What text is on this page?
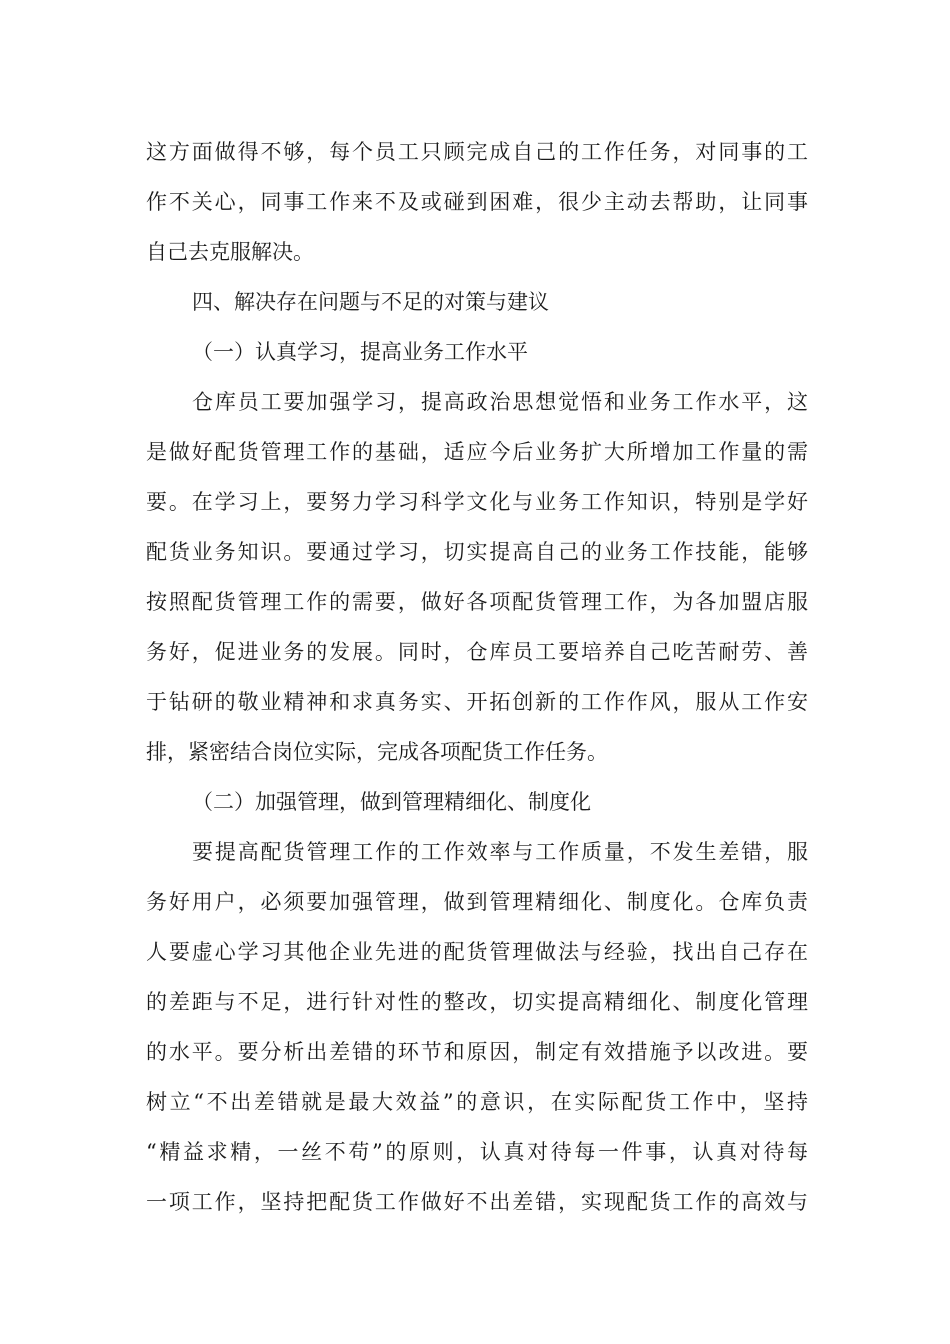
这方面做得不够，每个员工只顾完成自己的工作任务，对同事的工
作不关心，同事工作来不及或碰到困难，很少主动去帮助，让同事
自己去克服解决。
四、解决存在问题与不足的对策与建议
（一）认真学习，提高业务工作水平
仓库员工要加强学习，提高政治思想觉悟和业务工作水平，这
是做好配货管理工作的基础，适应今后业务扩大所增加工作量的需
要。在学习上，要努力学习科学文化与业务工作知识，特别是学好
配货业务知识。要通过学习，切实提高自己的业务工作技能，能够
按照配货管理工作的需要，做好各项配货管理工作，为各加盟店服
务好，促进业务的发展。同时，仓库员工要培养自己吃苦耐劳、善
于钻研的敬业精神和求真务实、开拓创新的工作作风，服从工作安
排，紧密结合岗位实际，完成各项配货工作任务。
（二）加强管理，做到管理精细化、制度化
要提高配货管理工作的工作效率与工作质量，不发生差错，服
务好用户，必须要加强管理，做到管理精细化、制度化。仓库负责
人要虚心学习其他企业先进的配货管理做法与经验，找出自己存在
的差距与不足，进行针对性的整改，切实提高精细化、制度化管理
的水平。要分析出差错的环节和原因，制定有效措施予以改进。要
树立“不出差错就是最大效益”的意识，在实际配货工作中，坚持
“精益求精，一丝不苟”的原则，认真对待每一件事，认真对待每
一项工作，坚持把配货工作做好不出差错，实现配货工作的高效与
